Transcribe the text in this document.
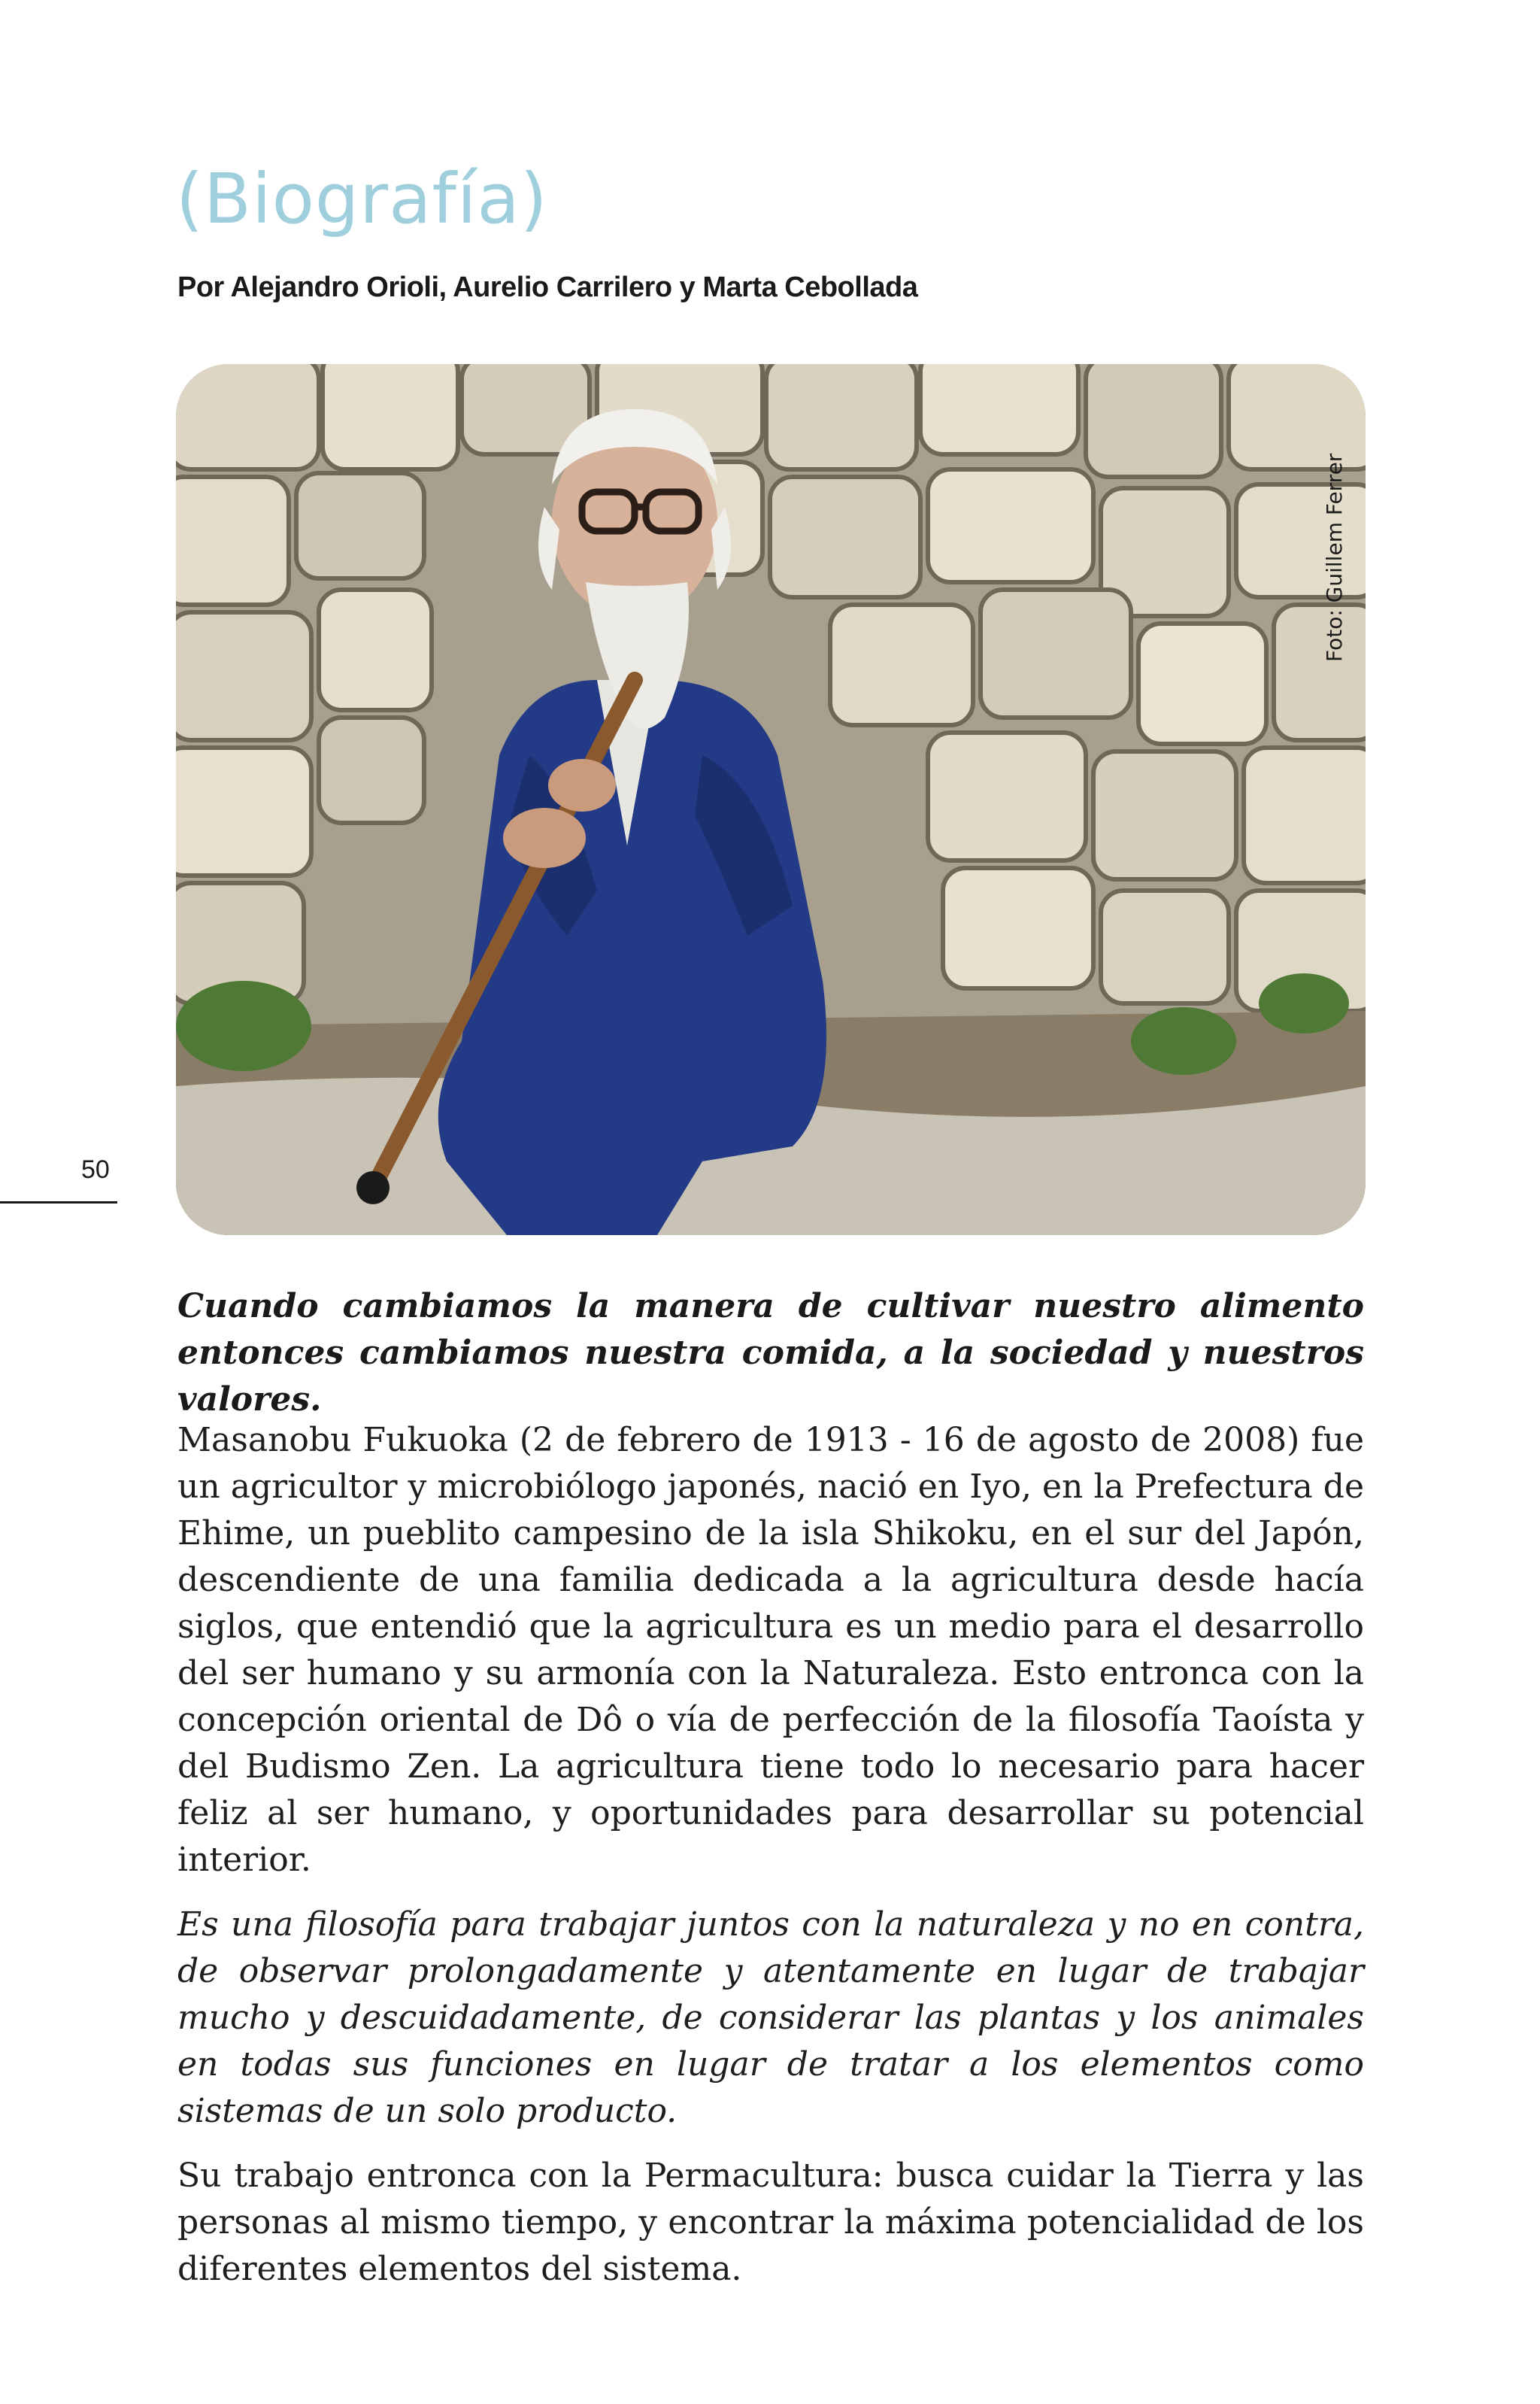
(Biografía)
Por Alejandro Orioli, Aurelio Carrilero y Marta Cebollada
Foto: Guillem Ferrer
50

Cuando cambiamos la manera de cultivar nuestro alimento entonces cambiamos nuestra comida, a la sociedad y nuestros valores.

Masanobu Fukuoka (2 de febrero de 1913 - 16 de agosto de 2008) fue un agricultor y microbiólogo japonés, nació en Iyo, en la Prefectura de Ehime, un pueblito campesino de la isla Shikoku, en el sur del Japón, descendiente de una familia dedicada a la agricultura desde hacía siglos, que entendió que la agricultura es un medio para el desarrollo del ser humano y su armonía con la Naturaleza. Esto entronca con la concepción oriental de Dô o vía de perfección de la filosofía Taoísta y del Budismo Zen. La agricultura tiene todo lo necesario para hacer feliz al ser humano, y oportunidades para desarrollar su potencial interior.

Es una filosofía para trabajar juntos con la naturaleza y no en contra, de observar prolongadamente y atentamente en lugar de trabajar mucho y descuidadamente, de considerar las plantas y los animales en todas sus funciones en lugar de tratar a los elementos como sistemas de un solo producto.

Su trabajo entronca con la Permacultura: busca cuidar la Tierra y las personas al mismo tiempo, y encontrar la máxima potencialidad de los diferentes elementos del sistema.
